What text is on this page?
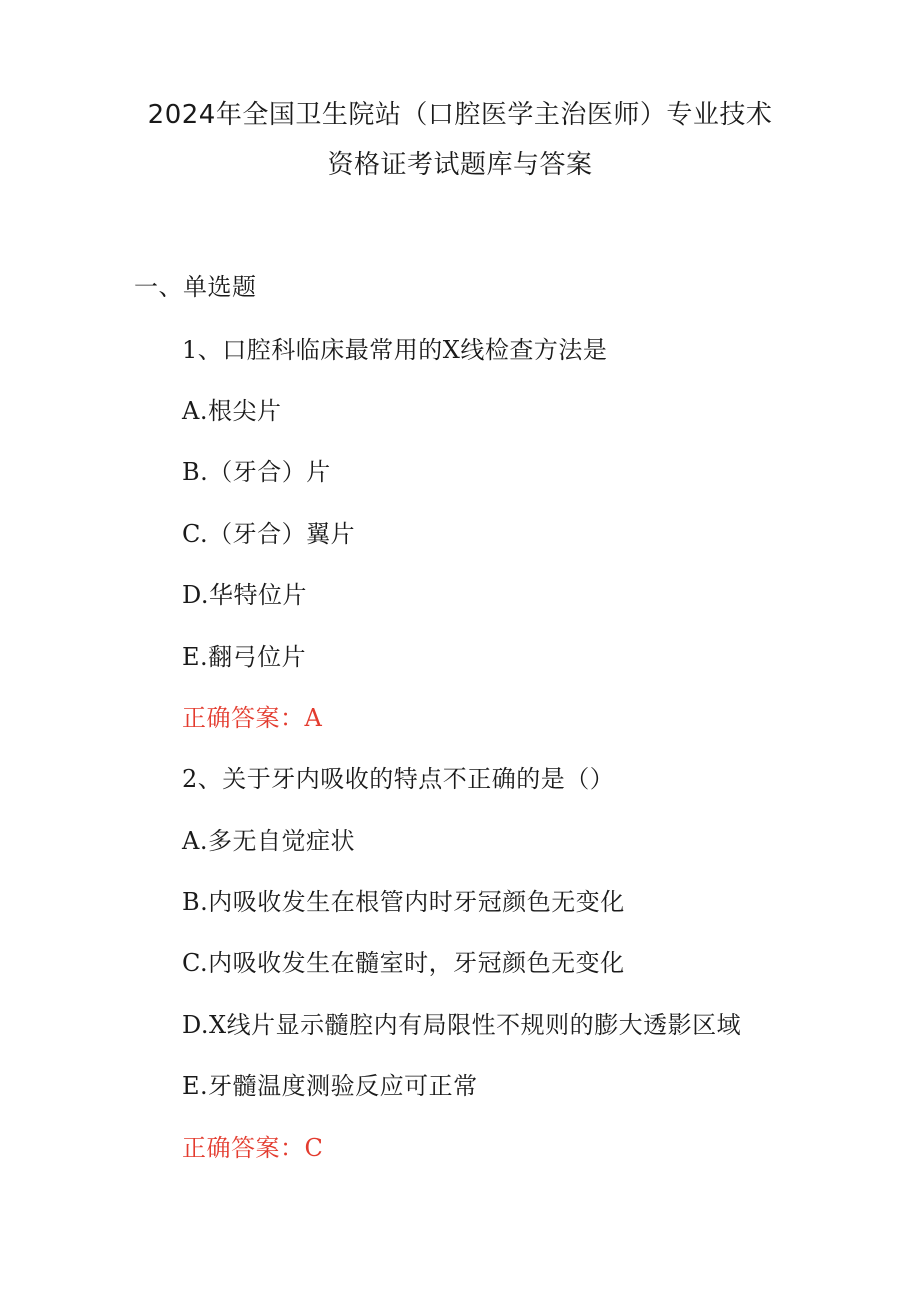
2024年全国卫生院站（口腔医学主治医师）专业技术
资格证考试题库与答案
一、单选题
1、口腔科临床最常用的X线检查方法是
A.根尖片
B.（牙合）片
C.（牙合）翼片
D.华特位片
E.翻弓位片
正确答案：A
2、关于牙内吸收的特点不正确的是（）
A.多无自觉症状
B.内吸收发生在根管内时牙冠颜色无变化
C.内吸收发生在髓室时，牙冠颜色无变化
D.X线片显示髓腔内有局限性不规则的膨大透影区域
E.牙髓温度测验反应可正常
正确答案：C
